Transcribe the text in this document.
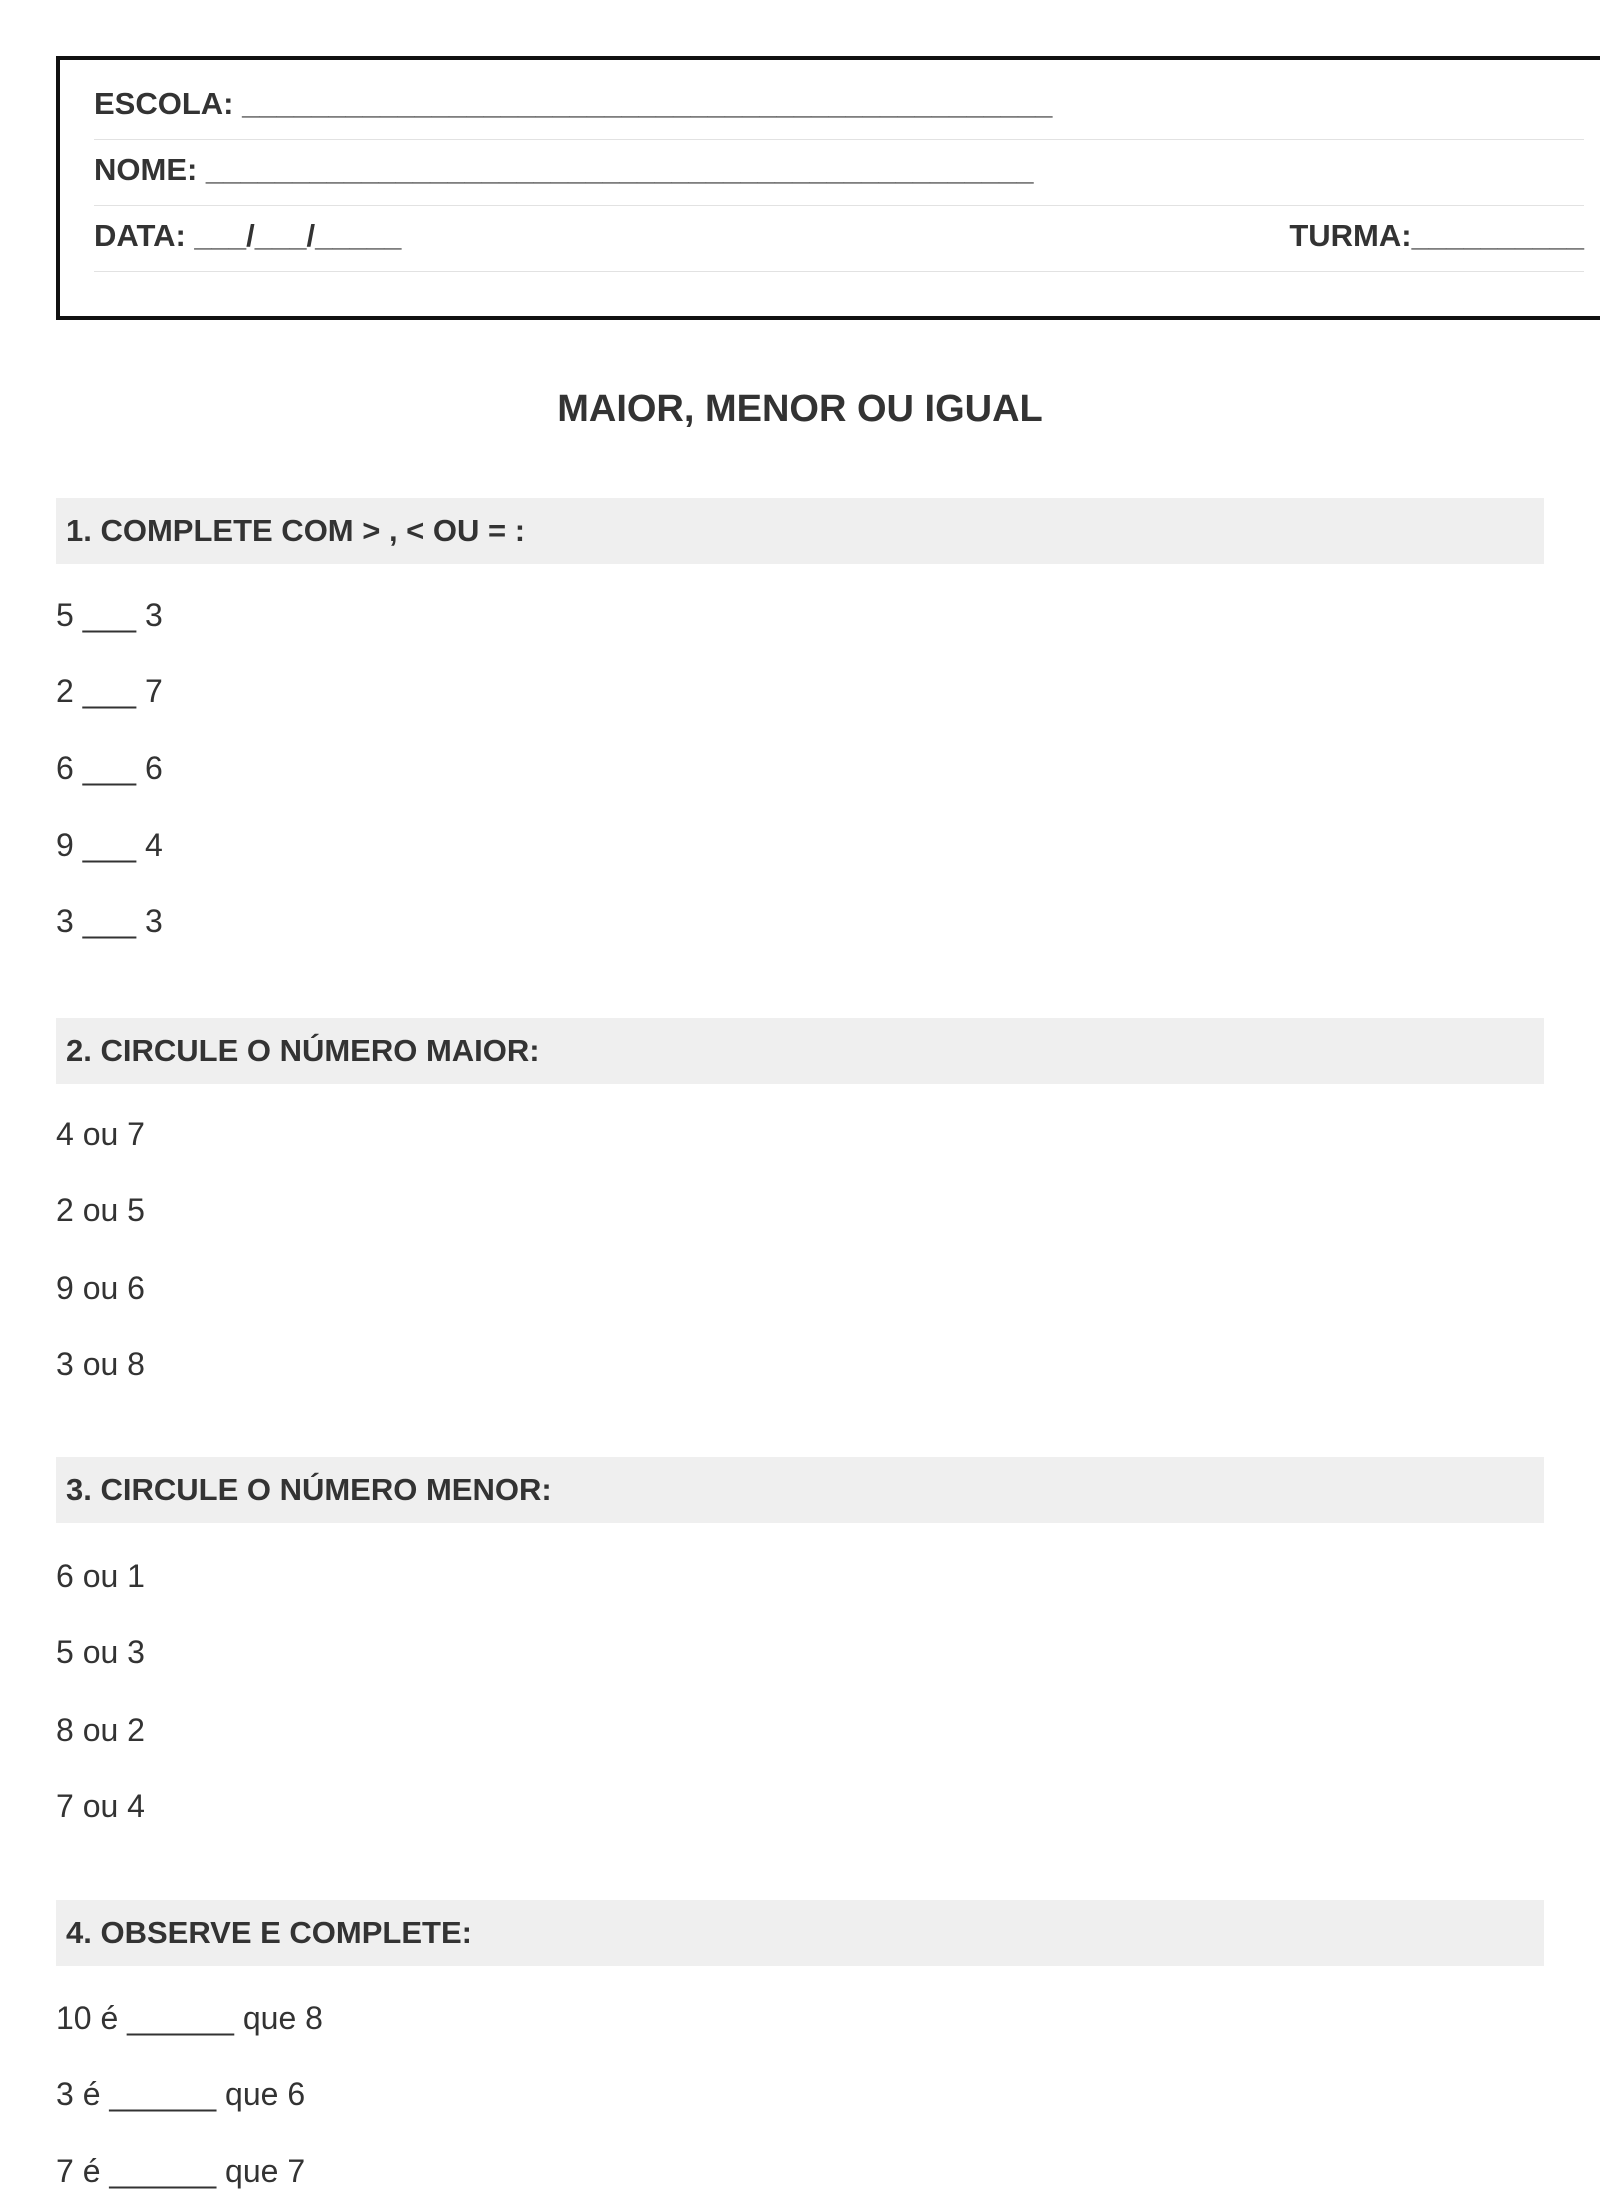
ESCOLA: _______________________________________________
NOME: ________________________________________________
DATA: ___/___/_____	TURMA:__________
MAIOR, MENOR OU IGUAL
1. COMPLETE COM > , < OU = :
5 ___ 3
2 ___ 7
6 ___ 6
9 ___ 4
3 ___ 3
2. CIRCULE O NÚMERO MAIOR:
4 ou 7
2 ou 5
9 ou 6
3 ou 8
3. CIRCULE O NÚMERO MENOR:
6 ou 1
5 ou 3
8 ou 2
7 ou 4
4. OBSERVE E COMPLETE:
10 é ______ que 8
3 é ______ que 6
7 é ______ que 7
